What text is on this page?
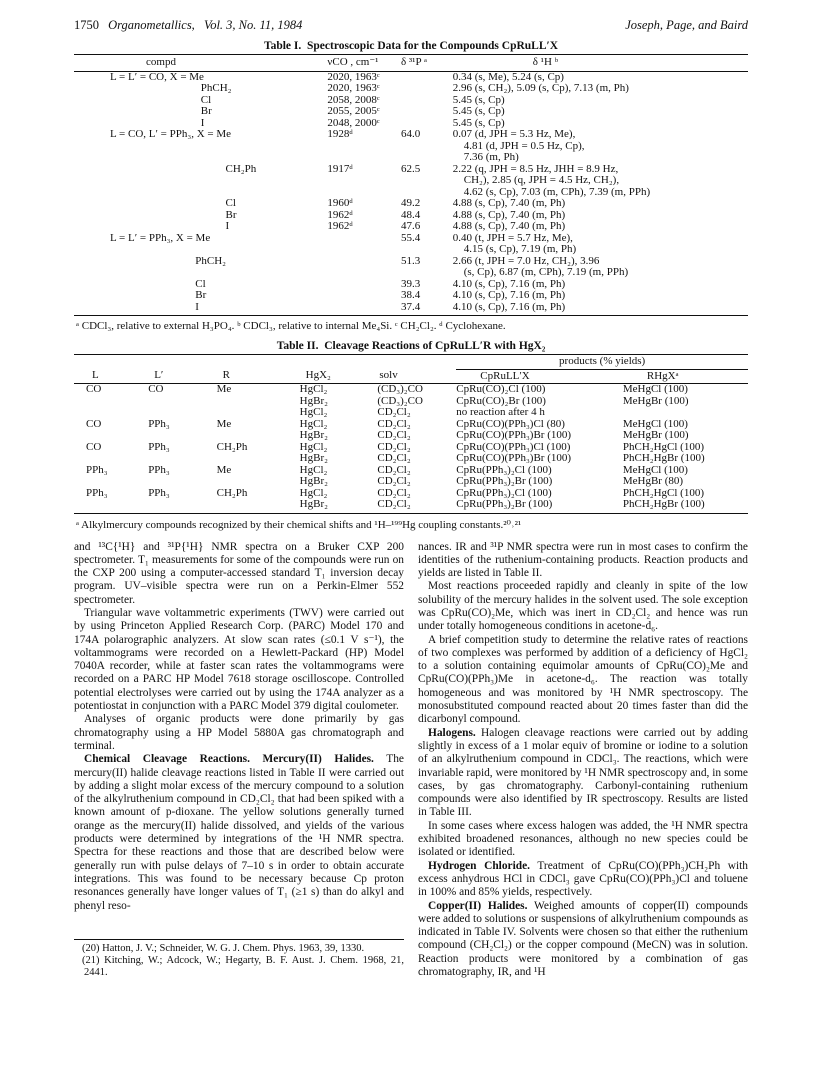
1750 Organometallics, Vol. 3, No. 11, 1984	Joseph, Page, and Baird
Table I. Spectroscopic Data for the Compounds CpRuLL′X
compd	νCO , cm⁻¹	δ ³¹P ᵃ	δ ¹H ᵇ
L = L′ = CO, X = Me	2020, 1963ᶜ		0.34 (s, Me), 5.24 (s, Cp)
PhCH₂	2020, 1963ᶜ		2.96 (s, CH₂), 5.09 (s, Cp), 7.13 (m, Ph)
Cl	2058, 2008ᶜ		5.45 (s, Cp)
Br	2055, 2005ᶜ		5.45 (s, Cp)
I	2048, 2000ᶜ		5.45 (s, Cp)
L = CO, L′ = PPh₃, X = Me	1928ᵈ	64.0	0.07 (d, JPH = 5.3 Hz, Me),
4.81 (d, JPH = 0.5 Hz, Cp),
7.36 (m, Ph)
CH₂Ph	1917ᵈ	62.5	2.22 (q, JPH = 8.5 Hz, JHH = 8.9 Hz,
CH₂), 2.85 (q, JPH = 4.5 Hz, CH₂),
4.62 (s, Cp), 7.03 (m, CPh), 7.39 (m, PPh)
Cl	1960ᵈ	49.2	4.88 (s, Cp), 7.40 (m, Ph)
Br	1962ᵈ	48.4	4.88 (s, Cp), 7.40 (m, Ph)
I	1962ᵈ	47.6	4.88 (s, Cp), 7.40 (m, Ph)
L = L′ = PPh₃, X = Me		55.4	0.40 (t, JPH = 5.7 Hz, Me),
4.15 (s, Cp), 7.19 (m, Ph)
PhCH₂		51.3	2.66 (t, JPH = 7.0 Hz, CH₂), 3.96
(s, Cp), 6.87 (m, CPh), 7.19 (m, PPh)
Cl		39.3	4.10 (s, Cp), 7.16 (m, Ph)
Br		38.4	4.10 (s, Cp), 7.16 (m, Ph)
I		37.4	4.10 (s, Cp), 7.16 (m, Ph)
ᵃ CDCl₃, relative to external H₃PO₄. ᵇ CDCl₃, relative to internal Me₄Si. ᶜ CH₂Cl₂. ᵈ Cyclohexane.
Table II. Cleavage Reactions of CpRuLL′R with HgX₂
					products (% yields)	
L	L′	R	HgX₂	solv	CpRuLL′X	RHgXᵃ
CO	CO	Me	HgCl₂	(CD₃)₂CO	CpRu(CO)₂Cl (100)	MeHgCl (100)
			HgBr₂	(CD₃)₂CO	CpRu(CO)₂Br (100)	MeHgBr (100)
			HgCl₂	CD₂Cl₂	no reaction after 4 h	
CO	PPh₃	Me	HgCl₂	CD₂Cl₂	CpRu(CO)(PPh₃)Cl (80)	MeHgCl (100)
			HgBr₂	CD₂Cl₂	CpRu(CO)(PPh₃)Br (100)	MeHgBr (100)
CO	PPh₃	CH₂Ph	HgCl₂	CD₂Cl₂	CpRu(CO)(PPh₃)Cl (100)	PhCH₂HgCl (100)
			HgBr₂	CD₂Cl₂	CpRu(CO)(PPh₃)Br (100)	PhCH₂HgBr (100)
PPh₃	PPh₃	Me	HgCl₂	CD₂Cl₂	CpRu(PPh₃)₂Cl (100)	MeHgCl (100)
			HgBr₂	CD₂Cl₂	CpRu(PPh₃)₂Br (100)	MeHgBr (80)
PPh₃	PPh₃	CH₂Ph	HgCl₂	CD₂Cl₂	CpRu(PPh₃)₂Cl (100)	PhCH₂HgCl (100)
			HgBr₂	CD₂Cl₂	CpRu(PPh₃)₂Br (100)	PhCH₂HgBr (100)
ᵃ Alkylmercury compounds recognized by their chemical shifts and ¹H–¹⁹⁹Hg coupling constants.²⁰˒²¹

and ¹³C{¹H} and ³¹P{¹H} NMR spectra on a Bruker CXP 200 spectrometer. T₁ measurements for some of the compounds were run on the CXP 200 using a computer-accessed standard T₁ inversion decay program. UV–visible spectra were run on a Perkin-Elmer 552 spectrometer.

Triangular wave voltammetric experiments (TWV) were carried out by using Princeton Applied Research Corp. (PARC) Model 170 and 174A polarographic analyzers. At slow scan rates (≤0.1 V s⁻¹), the voltammograms were recorded on a Hewlett-Packard (HP) Model 7040A recorder, while at faster scan rates the voltammograms were recorded on a PARC HP Model 7618 storage oscilloscope. Controlled potential electrolyses were carried out by using the 174A analyzer as a potentiostat in conjunction with a PARC Model 379 digital coulometer.

Analyses of organic products were done primarily by gas chromatography using a HP Model 5880A gas chromatograph and terminal.

Chemical Cleavage Reactions. Mercury(II) Halides. The mercury(II) halide cleavage reactions listed in Table II were carried out by adding a slight molar excess of the mercury compound to a solution of the alkylruthenium compound in CD₂Cl₂ that had been spiked with a known amount of p-dioxane. The yellow solutions generally turned orange as the mercury(II) halide dissolved, and yields of the various products were determined by integrations of the ¹H NMR spectra. Spectra for these reactions and those that are described below were generally run with pulse delays of 7–10 s in order to obtain accurate integrations. This was found to be necessary because Cp proton resonances generally have longer values of T₁ (≥1 s) than do alkyl and phenyl reso-

(20) Hatton, J. V.; Schneider, W. G. J. Chem. Phys. 1963, 39, 1330.
(21) Kitching, W.; Adcock, W.; Hegarty, B. F. Aust. J. Chem. 1968, 21, 2441.

nances. IR and ³¹P NMR spectra were run in most cases to confirm the identities of the ruthenium-containing products. Reaction products and yields are listed in Table II.

Most reactions proceeded rapidly and cleanly in spite of the low solubility of the mercury halides in the solvent used. The sole exception was CpRu(CO)₂Me, which was inert in CD₂Cl₂ and hence was run under totally homogeneous conditions in acetone-d₆.

A brief competition study to determine the relative rates of reactions of two complexes was performed by addition of a deficiency of HgCl₂ to a solution containing equimolar amounts of CpRu(CO)₂Me and CpRu(CO)(PPh₃)Me in acetone-d₆. The reaction was totally homogeneous and was monitored by ¹H NMR spectroscopy. The monosubstituted compound reacted about 20 times faster than did the dicarbonyl compound.

Halogens. Halogen cleavage reactions were carried out by adding slightly in excess of a 1 molar equiv of bromine or iodine to a solution of an alkylruthenium compound in CDCl₃. The reactions, which were invariable rapid, were monitored by ¹H NMR spectroscopy and, in some cases, by gas chromatography. Carbonyl-containing ruthenium compounds were also identified by IR spectroscopy. Results are listed in Table III.

In some cases where excess halogen was added, the ¹H NMR spectra exhibited broadened resonances, although no new species could be isolated or identified.

Hydrogen Chloride. Treatment of CpRu(CO)(PPh₃)CH₂Ph with excess anhydrous HCl in CDCl₃ gave CpRu(CO)(PPh₃)Cl and toluene in 100% and 85% yields, respectively.

Copper(II) Halides. Weighed amounts of copper(II) compounds were added to solutions or suspensions of alkylruthenium compounds as indicated in Table IV. Solvents were chosen so that either the ruthenium compound (CH₂Cl₂) or the copper compound (MeCN) was in solution. Reaction products were monitored by a combination of gas chromatography, IR, and ¹H
